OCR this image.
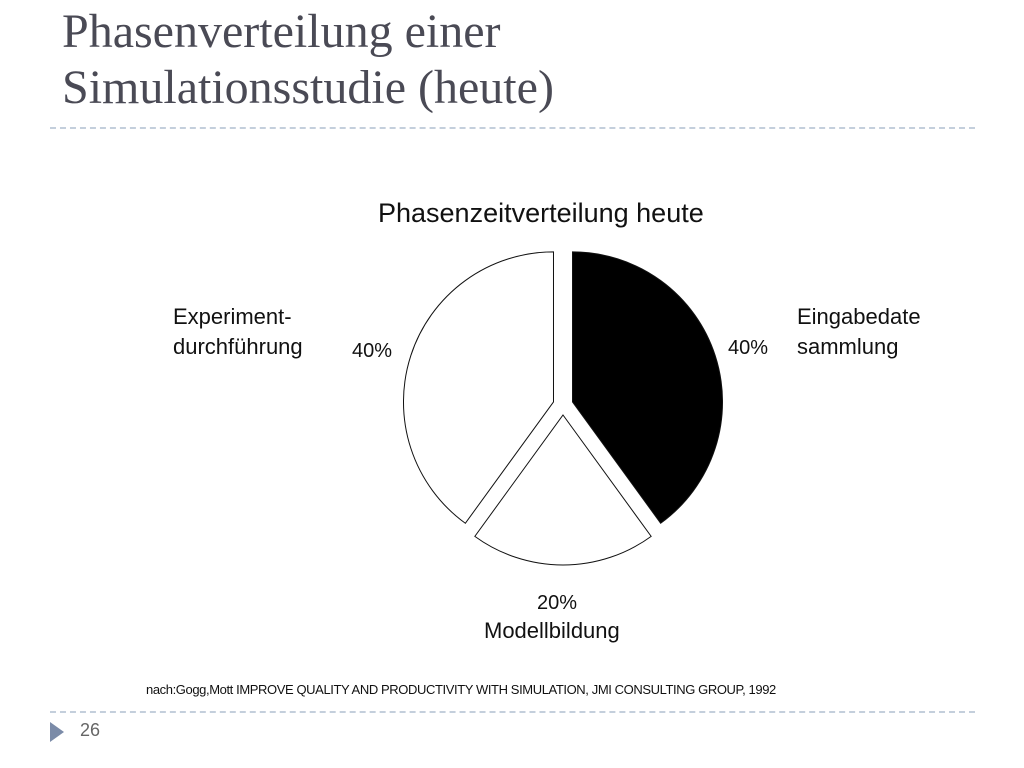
Phasenverteilung einer
Simulationsstudie (heute)
Phasenzeitverteilung heute
Eingabedate
sammlung
40%
20%
Modellbildung
Experiment-
durchführung 40%
nach:Gogg,Mott IMPROVE QUALITY AND PRODUCTIVITY WITH SIMULATION, JMI CONSULTING GROUP, 1992
26
